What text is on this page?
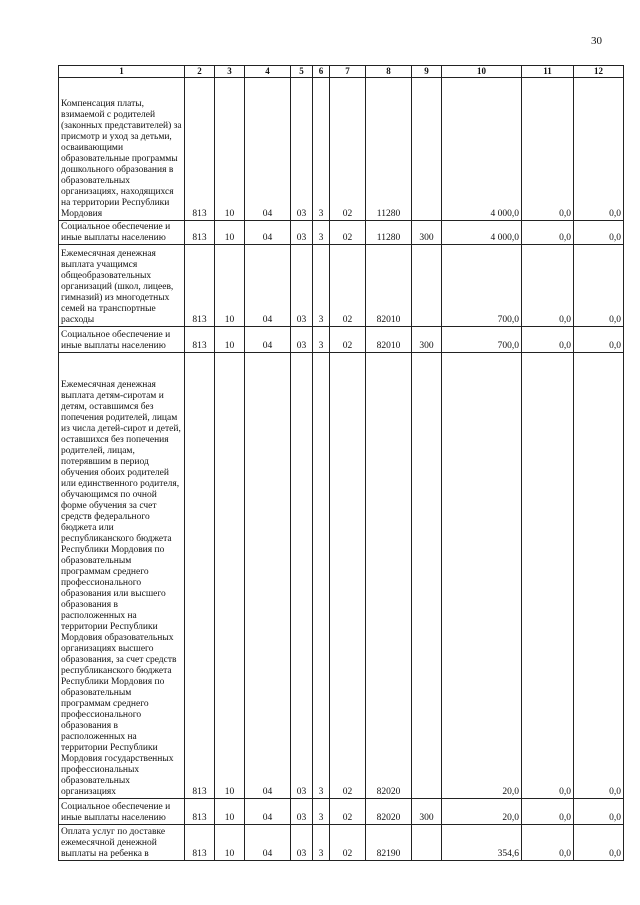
30
1	2	3	4	5	6	7	8	9	10	11	12
Компенсация платы, взимаемой с родителей (законных представителей) за присмотр и уход за детьми, осваивающими образовательные программы дошкольного образования в образовательных организациях, находящихся на территории Республики Мордовия	813	10	04	03	3	02	11280		4 000,0	0,0	0,0
Социальное обеспечение и иные выплаты населению	813	10	04	03	3	02	11280	300	4 000,0	0,0	0,0
Ежемесячная денежная выплата учащимся общеобразовательных организаций (школ, лицеев, гимназий) из многодетных семей на транспортные расходы	813	10	04	03	3	02	82010		700,0	0,0	0,0
Социальное обеспечение и иные выплаты населению	813	10	04	03	3	02	82010	300	700,0	0,0	0,0
Ежемесячная денежная выплата детям-сиротам и детям, оставшимся без попечения родителей, лицам из числа детей-сирот и детей, оставшихся без попечения родителей, лицам, потерявшим в период обучения обоих родителей или единственного родителя, обучающимся по очной форме обучения за счет средств федерального бюджета или республиканского бюджета Республики Мордовия по образовательным программам среднего профессионального образования или высшего образования в расположенных на территории Республики Мордовия образовательных организациях высшего образования, за счет средств республиканского бюджета Республики Мордовия по образовательным программам среднего профессионального образования в расположенных на территории Республики Мордовия государственных профессиональных образовательных организациях	813	10	04	03	3	02	82020		20,0	0,0	0,0
Социальное обеспечение и иные выплаты населению	813	10	04	03	3	02	82020	300	20,0	0,0	0,0
Оплата услуг по доставке ежемесячной денежной выплаты на ребенка в	813	10	04	03	3	02	82190		354,6	0,0	0,0
